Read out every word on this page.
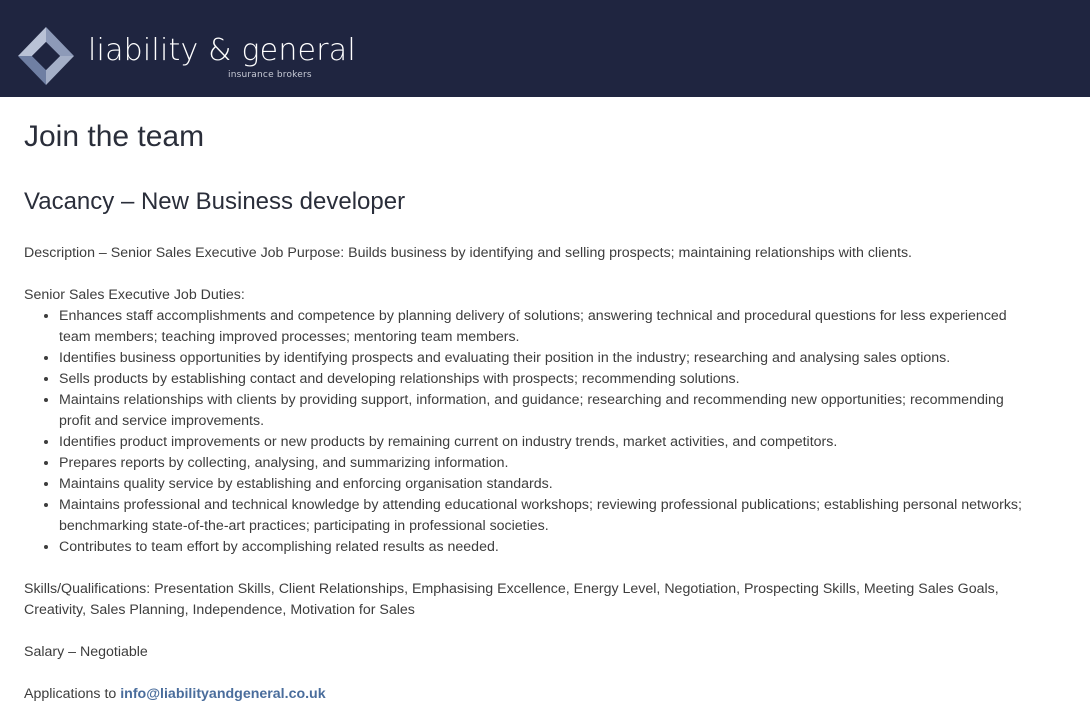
liability & general
insurance brokers
Join the team
Vacancy – New Business developer

Description – Senior Sales Executive Job Purpose: Builds business by identifying and selling prospects; maintaining relationships with clients.

Senior Sales Executive Job Duties:

• Enhances staff accomplishments and competence by planning delivery of solutions; answering technical and procedural questions for less experienced team members; teaching improved processes; mentoring team members.
• Identifies business opportunities by identifying prospects and evaluating their position in the industry; researching and analysing sales options.
• Sells products by establishing contact and developing relationships with prospects; recommending solutions.
• Maintains relationships with clients by providing support, information, and guidance; researching and recommending new opportunities; recommending profit and service improvements.
• Identifies product improvements or new products by remaining current on industry trends, market activities, and competitors.
• Prepares reports by collecting, analysing, and summarizing information.
• Maintains quality service by establishing and enforcing organisation standards.
• Maintains professional and technical knowledge by attending educational workshops; reviewing professional publications; establishing personal networks; benchmarking state-of-the-art practices; participating in professional societies.
• Contributes to team effort by accomplishing related results as needed.

Skills/Qualifications: Presentation Skills, Client Relationships, Emphasising Excellence, Energy Level, Negotiation, Prospecting Skills, Meeting Sales Goals, Creativity, Sales Planning, Independence, Motivation for Sales

Salary – Negotiable

Applications to info@liabilityandgeneral.co.uk
